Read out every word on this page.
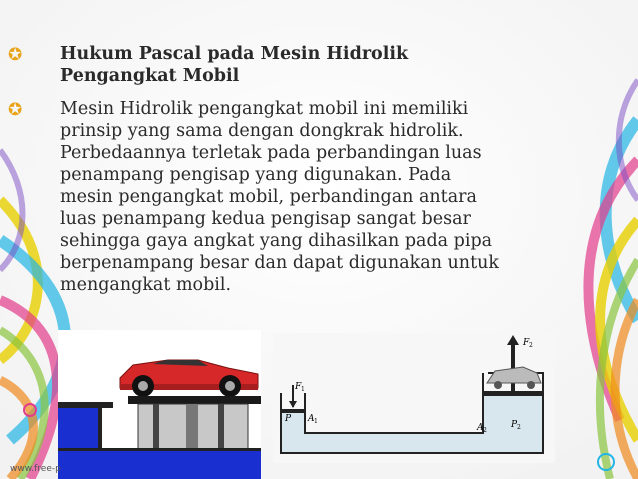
✪ Hukum Pascal pada Mesin Hidrolik
Pengangkat Mobil
✪ Mesin Hidrolik pengangkat mobil ini memiliki
prinsip yang sama dengan dongkrak hidrolik.
Perbedaannya terletak pada perbandingan luas
penampang pengisap yang digunakan. Pada
mesin pengangkat mobil, perbandingan antara
luas penampang kedua pengisap sangat besar
sehingga gaya angkat yang dihasilkan pada pipa
berpenampang besar dan dapat digunakan untuk
mengangkat mobil.
F 1
P A 1
A 2
P 2
F 2
www.free-p
